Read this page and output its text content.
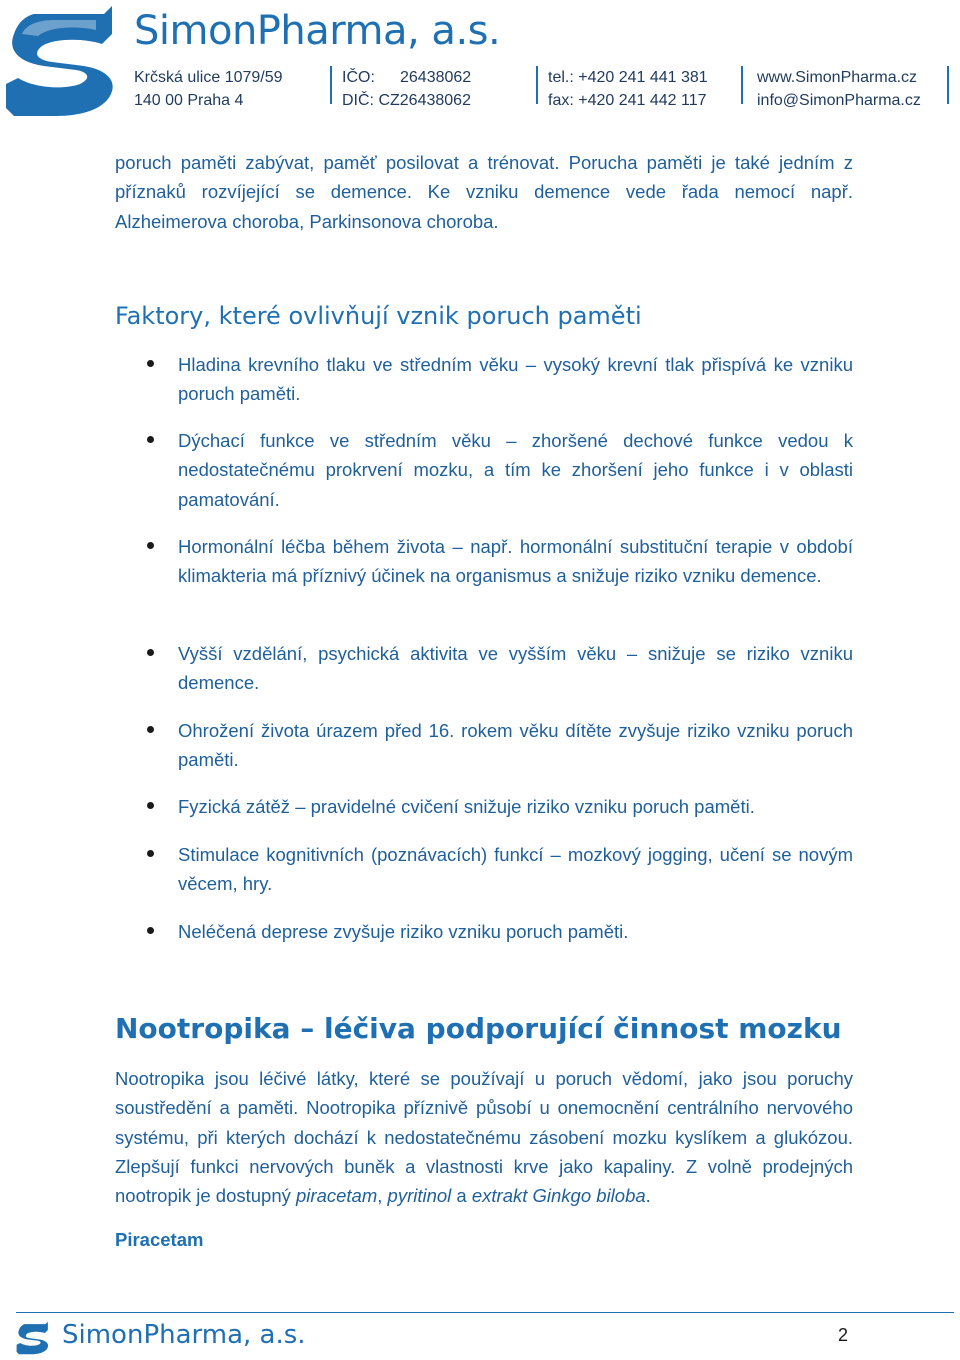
SimonPharma, a.s.
Krčská ulice 1079/59
140 00 Praha 4
IČO: 26438062
DIČ: CZ26438062
tel.: +420 241 441 381
fax: +420 241 442 117
www.SimonPharma.cz
info@SimonPharma.cz
poruch paměti zabývat, paměť posilovat a trénovat. Porucha paměti je také jedním z příznaků rozvíjející se demence. Ke vzniku demence vede řada nemocí např. Alzheimerova choroba, Parkinsonova choroba.
Faktory, které ovlivňují vznik poruch paměti
Hladina krevního tlaku ve středním věku – vysoký krevní tlak přispívá ke vzniku poruch paměti.
Dýchací funkce ve středním věku – zhoršené dechové funkce vedou k nedostatečnému prokrvení mozku, a tím ke zhoršení jeho funkce i v oblasti pamatování.
Hormonální léčba během života – např. hormonální substituční terapie v období klimakteria má příznivý účinek na organismus a snižuje riziko vzniku demence.
Vyšší vzdělání, psychická aktivita ve vyšším věku – snižuje se riziko vzniku demence.
Ohrožení života úrazem před 16. rokem věku dítěte zvyšuje riziko vzniku poruch paměti.
Fyzická zátěž – pravidelné cvičení snižuje riziko vzniku poruch paměti.
Stimulace kognitivních (poznávacích) funkcí – mozkový jogging, učení se novým věcem, hry.
Neléčená deprese zvyšuje riziko vzniku poruch paměti.
Nootropika – léčiva podporující činnost mozku
Nootropika jsou léčivé látky, které se používají u poruch vědomí, jako jsou poruchy soustředění a paměti. Nootropika příznivě působí u onemocnění centrálního nervového systému, při kterých dochází k nedostatečnému zásobení mozku kyslíkem a glukózou. Zlepšují funkci nervových buněk a vlastnosti krve jako kapaliny. Z volně prodejných nootropik je dostupný piracetam, pyritinol a extrakt Ginkgo biloba.
Piracetam
SimonPharma, a.s.	2
